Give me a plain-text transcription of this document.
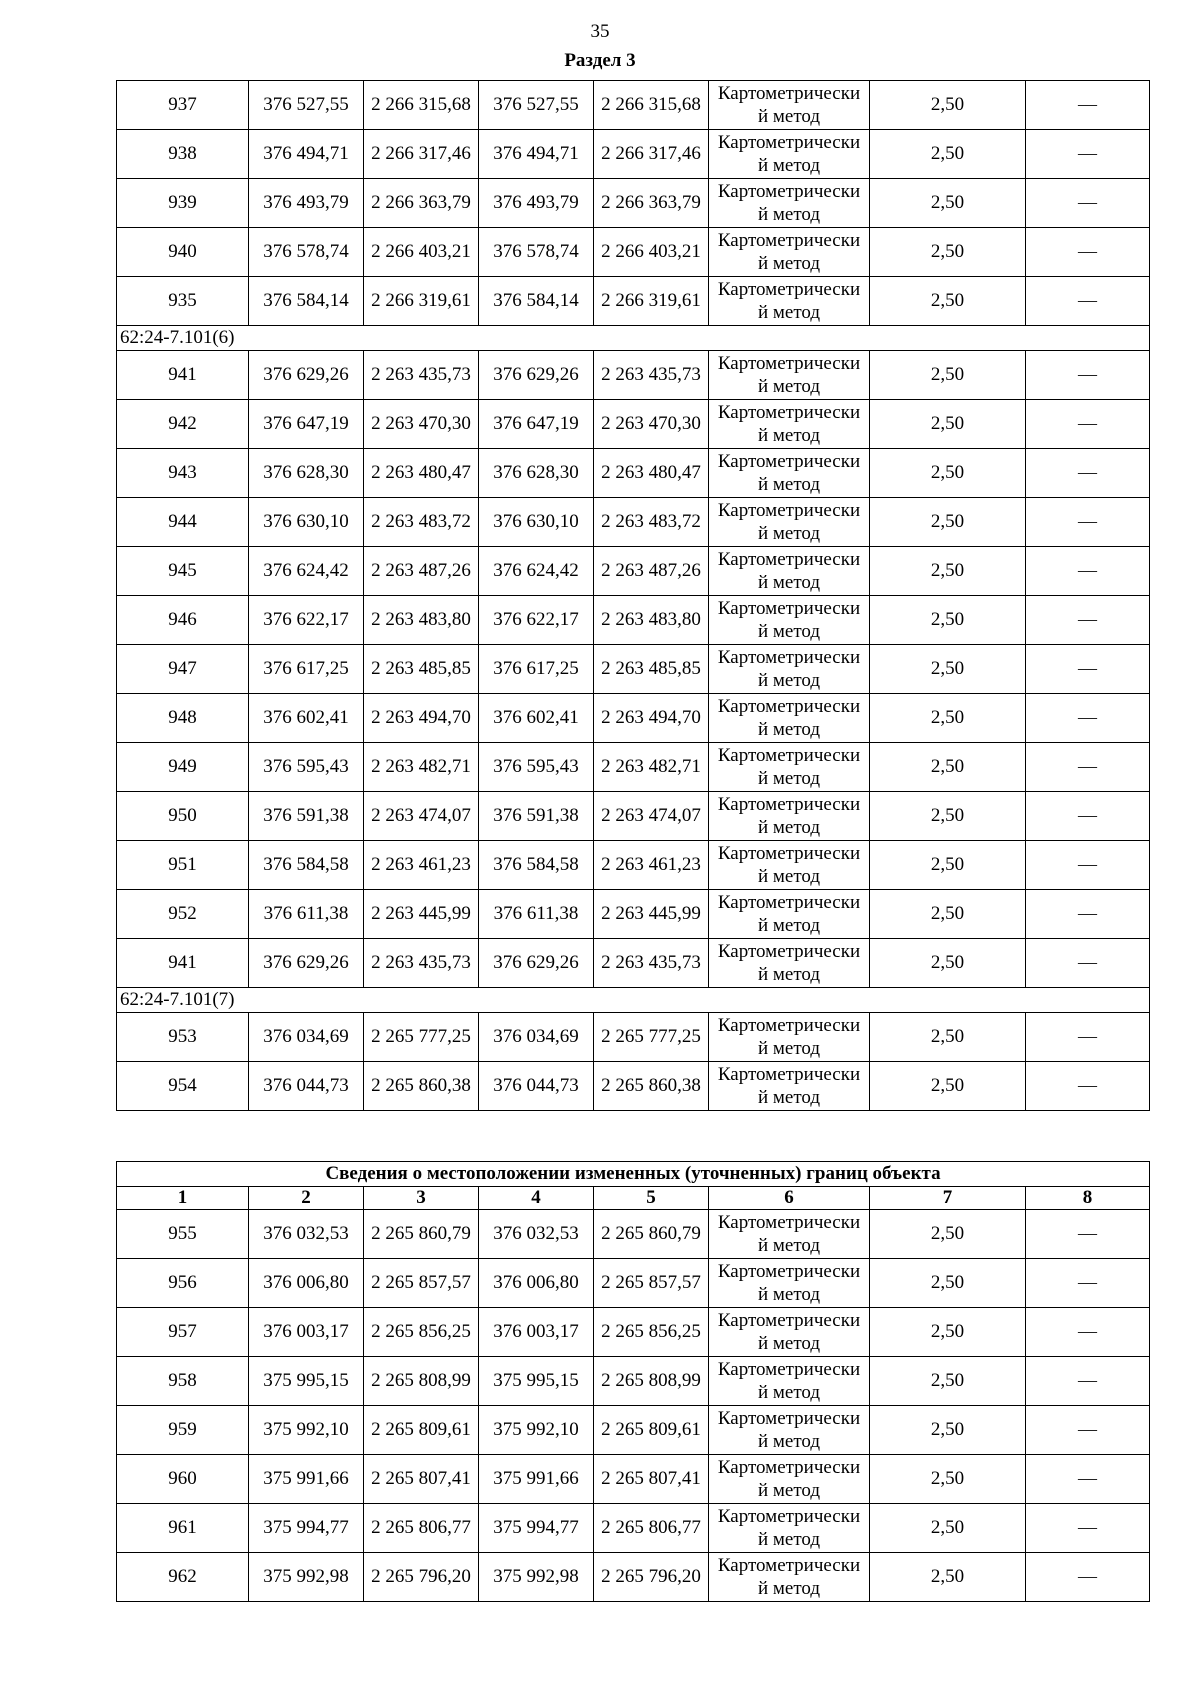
35
Раздел 3
937	376 527,55	2 266 315,68	376 527,55	2 266 315,68	Картометрически
й метод	2,50	—
938	376 494,71	2 266 317,46	376 494,71	2 266 317,46	Картометрически
й метод	2,50	—
939	376 493,79	2 266 363,79	376 493,79	2 266 363,79	Картометрически
й метод	2,50	—
940	376 578,74	2 266 403,21	376 578,74	2 266 403,21	Картометрически
й метод	2,50	—
935	376 584,14	2 266 319,61	376 584,14	2 266 319,61	Картометрически
й метод	2,50	—
62:24-7.101(6)							
941	376 629,26	2 263 435,73	376 629,26	2 263 435,73	Картометрически
й метод	2,50	—
942	376 647,19	2 263 470,30	376 647,19	2 263 470,30	Картометрически
й метод	2,50	—
943	376 628,30	2 263 480,47	376 628,30	2 263 480,47	Картометрически
й метод	2,50	—
944	376 630,10	2 263 483,72	376 630,10	2 263 483,72	Картометрически
й метод	2,50	—
945	376 624,42	2 263 487,26	376 624,42	2 263 487,26	Картометрически
й метод	2,50	—
946	376 622,17	2 263 483,80	376 622,17	2 263 483,80	Картометрически
й метод	2,50	—
947	376 617,25	2 263 485,85	376 617,25	2 263 485,85	Картометрически
й метод	2,50	—
948	376 602,41	2 263 494,70	376 602,41	2 263 494,70	Картометрически
й метод	2,50	—
949	376 595,43	2 263 482,71	376 595,43	2 263 482,71	Картометрически
й метод	2,50	—
950	376 591,38	2 263 474,07	376 591,38	2 263 474,07	Картометрически
й метод	2,50	—
951	376 584,58	2 263 461,23	376 584,58	2 263 461,23	Картометрически
й метод	2,50	—
952	376 611,38	2 263 445,99	376 611,38	2 263 445,99	Картометрически
й метод	2,50	—
941	376 629,26	2 263 435,73	376 629,26	2 263 435,73	Картометрически
й метод	2,50	—
62:24-7.101(7)							
953	376 034,69	2 265 777,25	376 034,69	2 265 777,25	Картометрически
й метод	2,50	—
954	376 044,73	2 265 860,38	376 044,73	2 265 860,38	Картометрически
й метод	2,50	—
Сведения о местоположении измененных (уточненных) границ объекта							
1	2	3	4	5	6	7	8
955	376 032,53	2 265 860,79	376 032,53	2 265 860,79	Картометрически
й метод	2,50	—
956	376 006,80	2 265 857,57	376 006,80	2 265 857,57	Картометрически
й метод	2,50	—
957	376 003,17	2 265 856,25	376 003,17	2 265 856,25	Картометрически
й метод	2,50	—
958	375 995,15	2 265 808,99	375 995,15	2 265 808,99	Картометрически
й метод	2,50	—
959	375 992,10	2 265 809,61	375 992,10	2 265 809,61	Картометрически
й метод	2,50	—
960	375 991,66	2 265 807,41	375 991,66	2 265 807,41	Картометрически
й метод	2,50	—
961	375 994,77	2 265 806,77	375 994,77	2 265 806,77	Картометрически
й метод	2,50	—
962	375 992,98	2 265 796,20	375 992,98	2 265 796,20	Картометрически
й метод	2,50	—
